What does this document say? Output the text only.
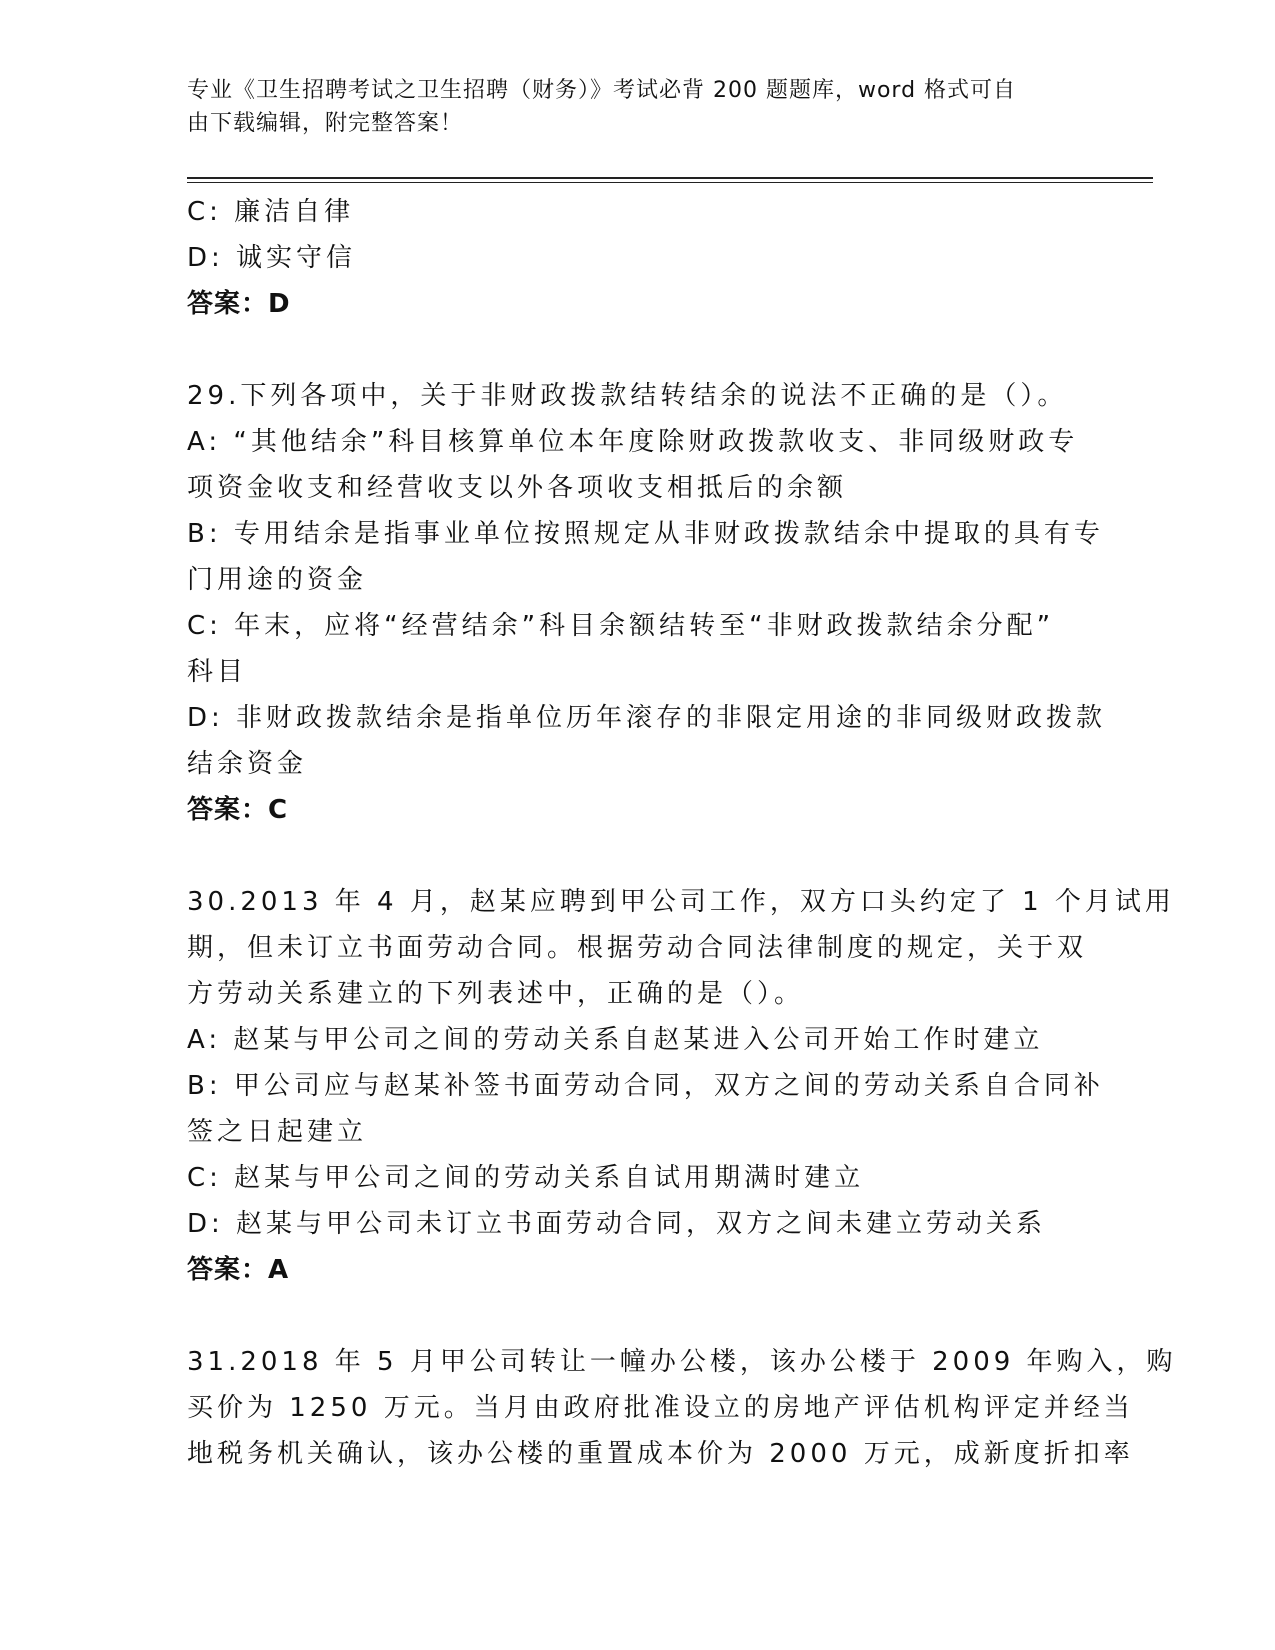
专业《卫生招聘考试之卫生招聘（财务）》考试必背 200 题题库，word 格式可自
由下载编辑，附完整答案！
C: 廉洁自律
D: 诚实守信
答案：D
29.下列各项中，关于非财政拨款结转结余的说法不正确的是（）。
A: “其他结余”科目核算单位本年度除财政拨款收支、非同级财政专
项资金收支和经营收支以外各项收支相抵后的余额
B: 专用结余是指事业单位按照规定从非财政拨款结余中提取的具有专
门用途的资金
C: 年末，应将“经营结余”科目余额结转至“非财政拨款结余分配”
科目
D: 非财政拨款结余是指单位历年滚存的非限定用途的非同级财政拨款
结余资金
答案：C
30.2013 年 4 月，赵某应聘到甲公司工作，双方口头约定了 1 个月试用
期，但未订立书面劳动合同。根据劳动合同法律制度的规定，关于双
方劳动关系建立的下列表述中，正确的是（）。
A: 赵某与甲公司之间的劳动关系自赵某进入公司开始工作时建立
B: 甲公司应与赵某补签书面劳动合同，双方之间的劳动关系自合同补
签之日起建立
C: 赵某与甲公司之间的劳动关系自试用期满时建立
D: 赵某与甲公司未订立书面劳动合同，双方之间未建立劳动关系
答案：A
31.2018 年 5 月甲公司转让一幢办公楼，该办公楼于 2009 年购入，购
买价为 1250 万元。当月由政府批准设立的房地产评估机构评定并经当
地税务机关确认，该办公楼的重置成本价为 2000 万元，成新度折扣率
